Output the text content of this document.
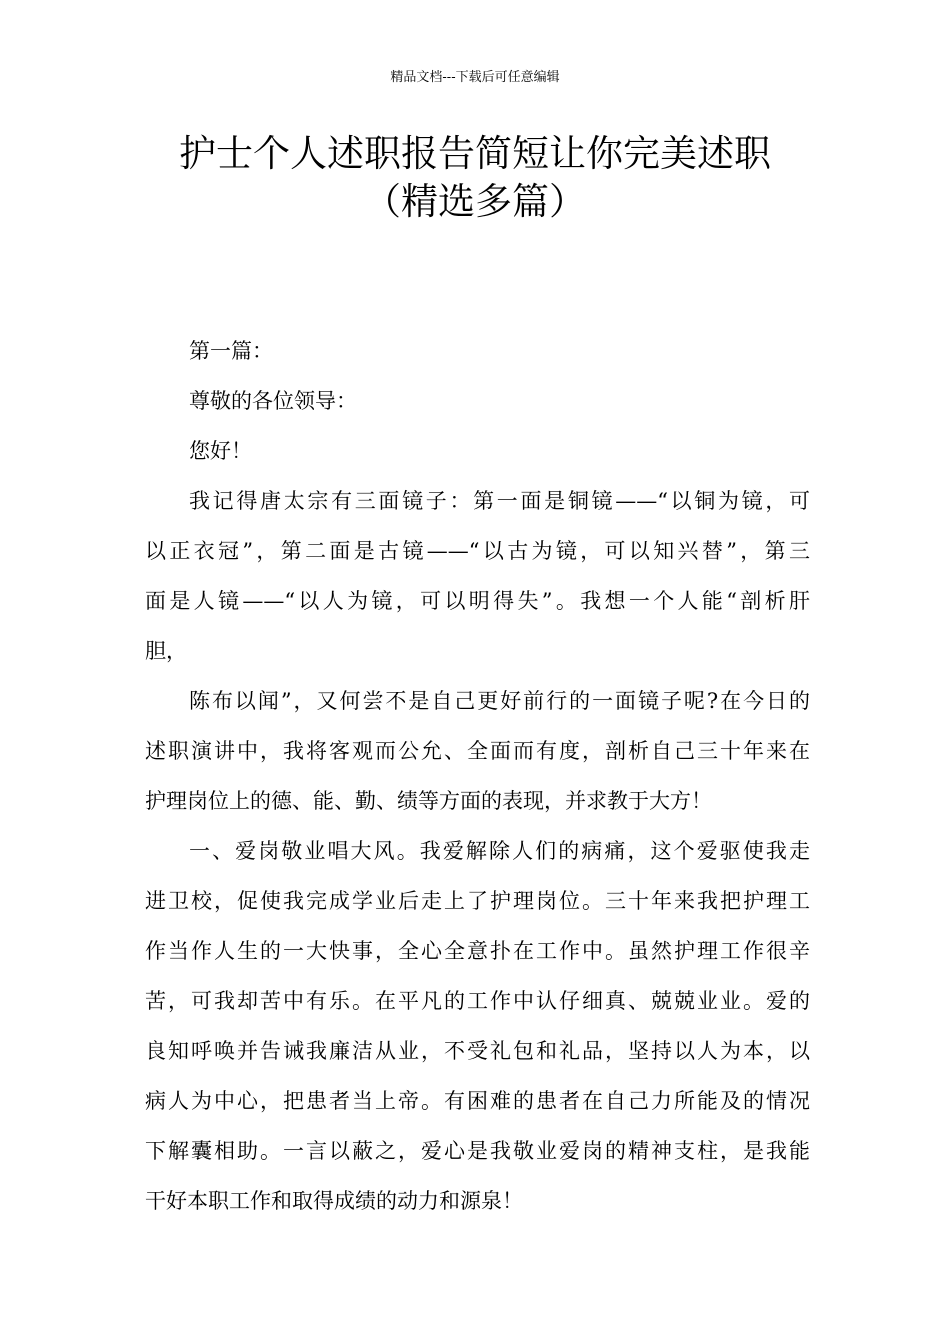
精品文档---下载后可任意编辑
护士个人述职报告简短让你完美述职
（精选多篇）

第一篇：

尊敬的各位领导：

您好！

我记得唐太宗有三面镜子：第一面是铜镜——“以铜为镜，可

以正衣冠”，第二面是古镜——“以古为镜，可以知兴替”，第三

面是人镜——“以人为镜，可以明得失”。我想一个人能“剖析肝

胆，

陈布以闻”，又何尝不是自己更好前行的一面镜子呢?在今日的

述职演讲中，我将客观而公允、全面而有度，剖析自己三十年来在

护理岗位上的德、能、勤、绩等方面的表现，并求教于大方！

一、爱岗敬业唱大风。我爱解除人们的病痛，这个爱驱使我走

进卫校，促使我完成学业后走上了护理岗位。三十年来我把护理工

作当作人生的一大快事，全心全意扑在工作中。虽然护理工作很辛

苦，可我却苦中有乐。在平凡的工作中认仔细真、兢兢业业。爱的

良知呼唤并告诫我廉洁从业，不受礼包和礼品，坚持以人为本，以

病人为中心，把患者当上帝。有困难的患者在自己力所能及的情况

下解囊相助。一言以蔽之，爱心是我敬业爱岗的精神支柱，是我能

干好本职工作和取得成绩的动力和源泉！
